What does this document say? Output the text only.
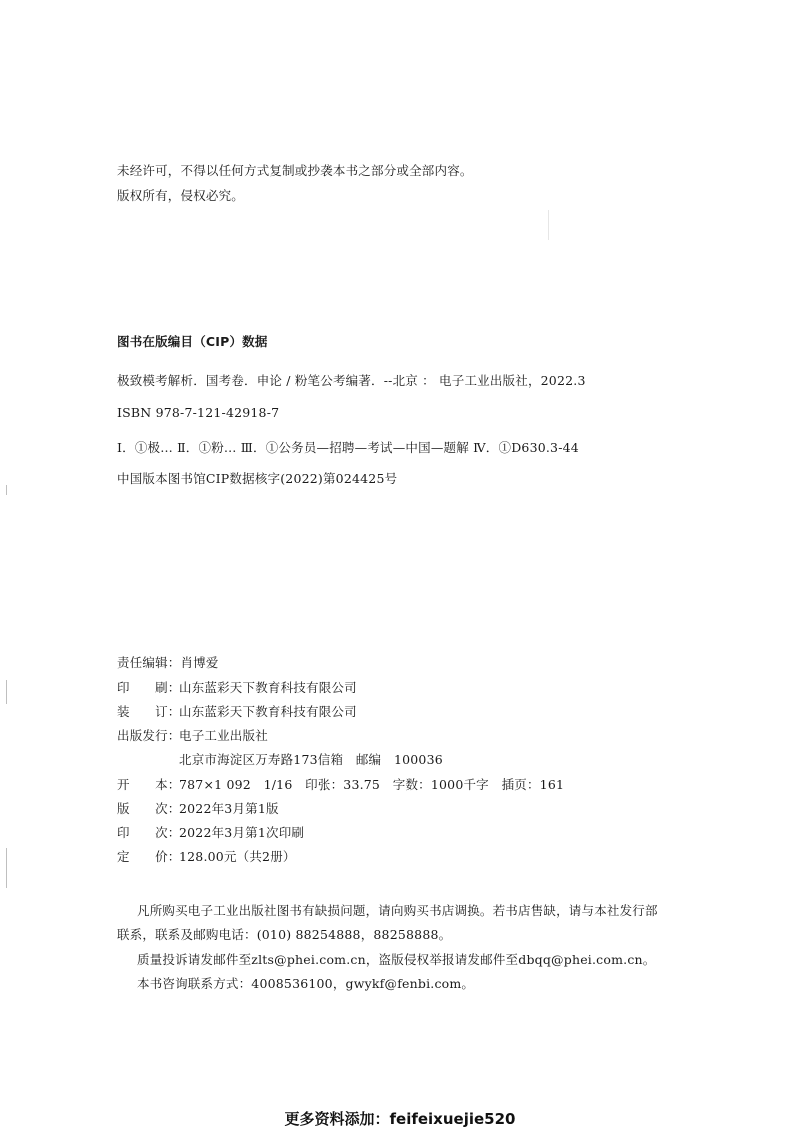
未经许可，不得以任何方式复制或抄袭本书之部分或全部内容。
版权所有，侵权必究。
图书在版编目（CIP）数据
极致模考解析．国考卷．申论 / 粉笔公考编著．--北京 ： 电子工业出版社，2022.3
ISBN 978-7-121-42918-7
Ⅰ．①极… Ⅱ．①粉… Ⅲ．①公务员—招聘—考试—中国—题解 Ⅳ．①D630.3-44
中国版本图书馆CIP数据核字(2022)第024425号
责任编辑：肖博爱
印　　刷：山东蓝彩天下教育科技有限公司
装　　订：山东蓝彩天下教育科技有限公司
出版发行：电子工业出版社
北京市海淀区万寿路173信箱　邮编　100036
开　　本：787×1 092　1/16　印张：33.75　字数：1000千字　插页：161
版　　次：2022年3月第1版
印　　次：2022年3月第1次印刷
定　　价：128.00元（共2册）
凡所购买电子工业出版社图书有缺损问题，请向购买书店调换。若书店售缺，请与本社发行部
联系，联系及邮购电话：(010) 88254888，88258888。
质量投诉请发邮件至zlts@phei.com.cn，盗版侵权举报请发邮件至dbqq@phei.com.cn。
本书咨询联系方式：4008536100，gwykf@fenbi.com。
更多资料添加：feifeixuejie520
